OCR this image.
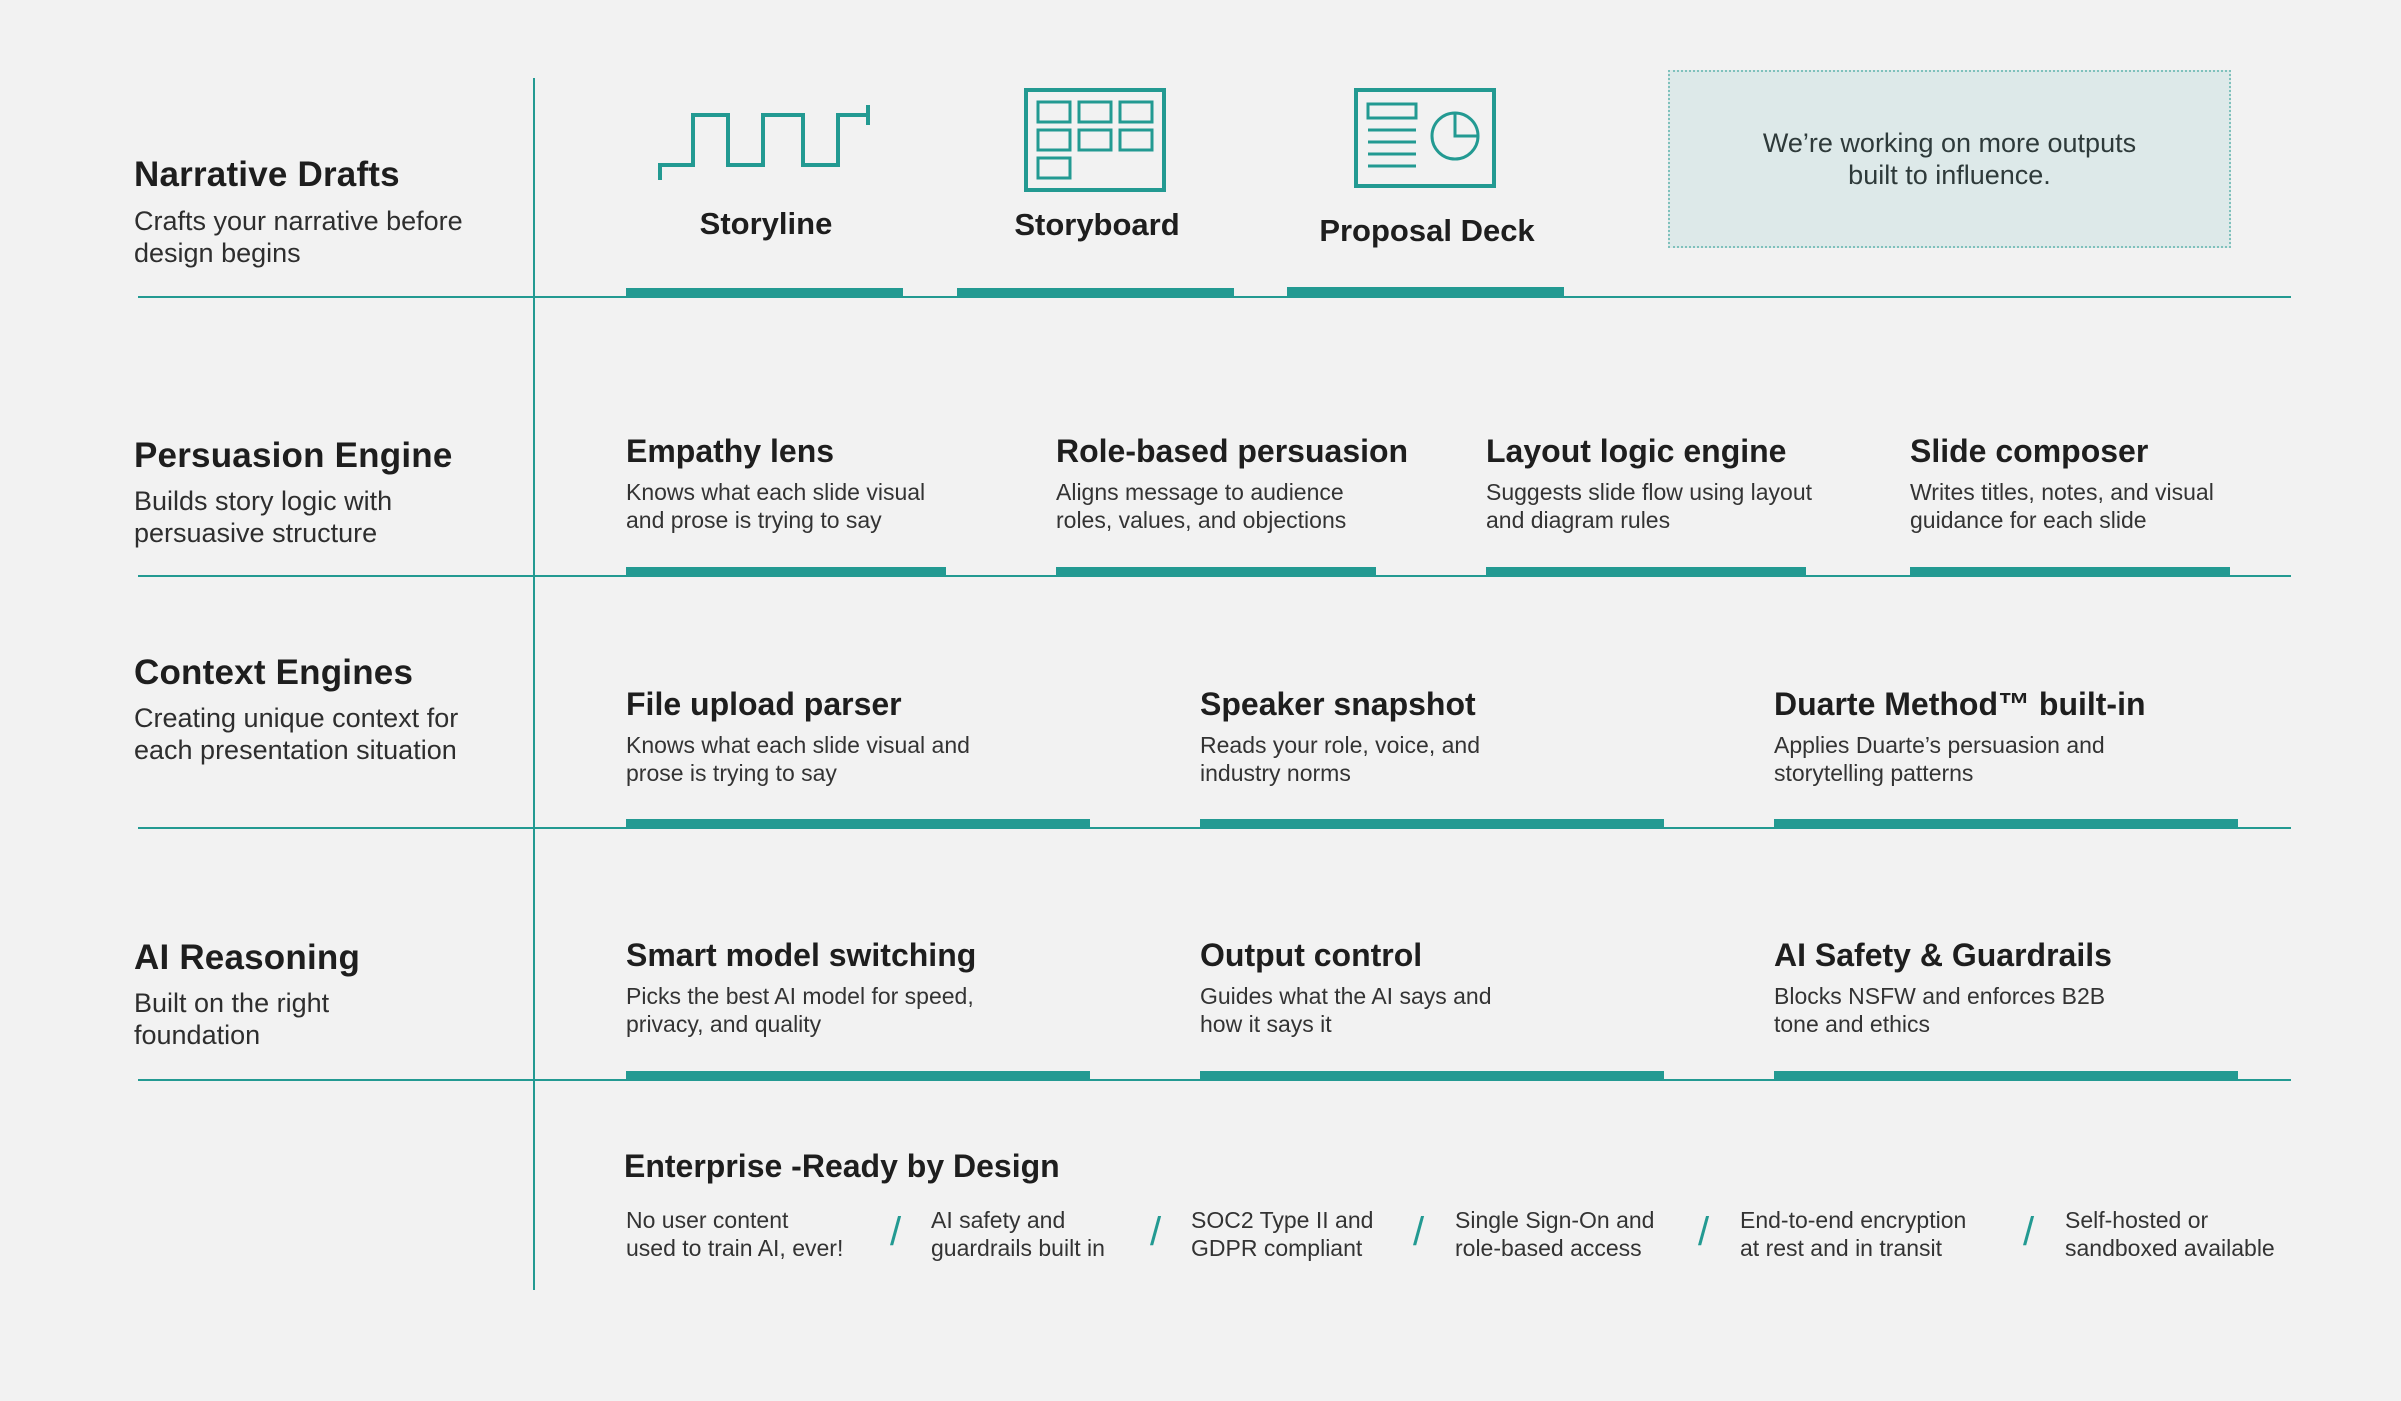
Narrative Drafts
Crafts your narrative before design begins
Storyline	Storyboard	Proposal Deck
We’re working on more outputs built to influence.
Persuasion Engine
Builds story logic with persuasive structure
Empathy lens
Knows what each slide visual and prose is trying to say
Role-based persuasion
Aligns message to audience roles, values, and objections
Layout logic engine
Suggests slide flow using layout and diagram rules
Slide composer
Writes titles, notes, and visual guidance for each slide
Context Engines
Creating unique context for each presentation situation
File upload parser
Knows what each slide visual and prose is trying to say
Speaker snapshot
Reads your role, voice, and industry norms
Duarte Method™ built-in
Applies Duarte’s persuasion and storytelling patterns
AI Reasoning
Built on the right foundation
Smart model switching
Picks the best AI model for speed, privacy, and quality
Output control
Guides what the AI says and how it says it
AI Safety & Guardrails
Blocks NSFW and enforces B2B tone and ethics
Enterprise -Ready by Design
No user content
used to train AI, ever! / AI safety and
guardrails built in / SOC2 Type II and
GDPR compliant / Single Sign-On and
role-based access	/ End-to-end encryption
at rest and in transit	/ Self-hosted or
sandboxed available
